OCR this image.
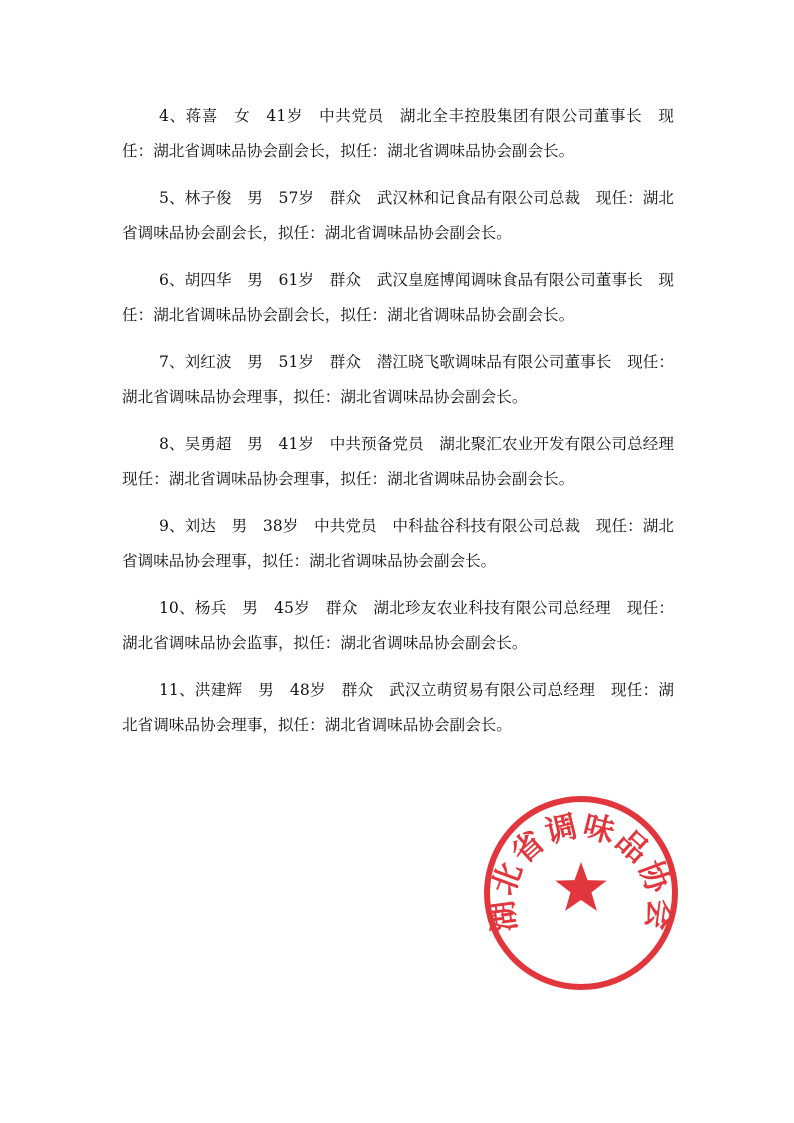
4、蒋喜　女　41岁　中共党员　湖北全丰控股集团有限公司董事长　现任：湖北省调味品协会副会长，拟任：湖北省调味品协会副会长。

5、林子俊　男　57岁　群众　武汉林和记食品有限公司总裁　现任：湖北省调味品协会副会长，拟任：湖北省调味品协会副会长。

6、胡四华　男　61岁　群众　武汉皇庭博闻调味食品有限公司董事长　现任：湖北省调味品协会副会长，拟任：湖北省调味品协会副会长。

7、刘红波　男　51岁　群众　潜江晓飞歌调味品有限公司董事长　现任：湖北省调味品协会理事，拟任：湖北省调味品协会副会长。

8、吴勇超　男　41岁　中共预备党员　湖北聚汇农业开发有限公司总经理　现任：湖北省调味品协会理事，拟任：湖北省调味品协会副会长。

9、刘达　男　38岁　中共党员　中科盐谷科技有限公司总裁　现任：湖北省调味品协会理事，拟任：湖北省调味品协会副会长。

10、杨兵　男　45岁　群众　湖北珍友农业科技有限公司总经理　现任：湖北省调味品协会监事，拟任：湖北省调味品协会副会长。

11、洪建辉　男　48岁　群众　武汉立萌贸易有限公司总经理　现任：湖北省调味品协会理事，拟任：湖北省调味品协会副会长。

湖北省调味品协会
